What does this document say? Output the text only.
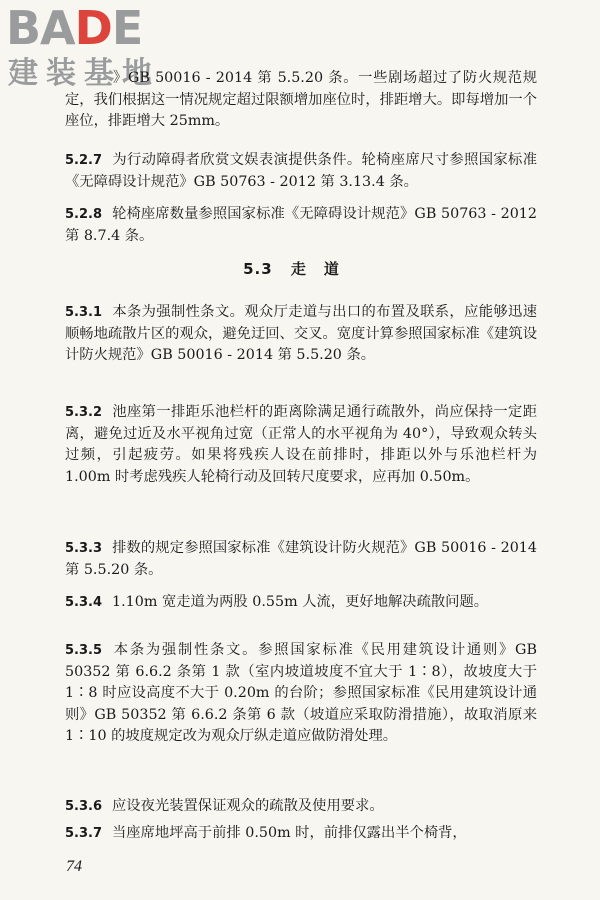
BADE
建装基地

》GB 50016 - 2014 第 5.5.20 条。一些剧场超过了防火规范规定，我们根据这一情况规定超过限额增加座位时，排距增大。即每增加一个座位，排距增大 25mm。

5.2.7 为行动障碍者欣赏文娱表演提供条件。轮椅座席尺寸参照国家标准《无障碍设计规范》GB 50763 - 2012 第 3.13.4 条。

5.2.8 轮椅座席数量参照国家标准《无障碍设计规范》GB 50763 - 2012 第 8.7.4 条。

5.3 走道

5.3.1 本条为强制性条文。观众厅走道与出口的布置及联系，应能够迅速顺畅地疏散片区的观众，避免迂回、交叉。宽度计算参照国家标准《建筑设计防火规范》GB 50016 - 2014 第 5.5.20 条。

5.3.2 池座第一排距乐池栏杆的距离除满足通行疏散外，尚应保持一定距离，避免过近及水平视角过宽（正常人的水平视角为 40°），导致观众转头过频，引起疲劳。如果将残疾人设在前排时，排距以外与乐池栏杆为 1.00m 时考虑残疾人轮椅行动及回转尺度要求，应再加 0.50m。

5.3.3 排数的规定参照国家标准《建筑设计防火规范》GB 50016 - 2014 第 5.5.20 条。

5.3.4 1.10m 宽走道为两股 0.55m 人流，更好地解决疏散问题。

5.3.5 本条为强制性条文。参照国家标准《民用建筑设计通则》GB 50352 第 6.6.2 条第 1 款（室内坡道坡度不宜大于 1∶8），故坡度大于 1∶8 时应设高度不大于 0.20m 的台阶；参照国家标准《民用建筑设计通则》GB 50352 第 6.6.2 条第 6 款（坡道应采取防滑措施），故取消原来 1∶10 的坡度规定改为观众厅纵走道应做防滑处理。

5.3.6 应设夜光装置保证观众的疏散及使用要求。

5.3.7 当座席地坪高于前排 0.50m 时，前排仅露出半个椅背，

74
